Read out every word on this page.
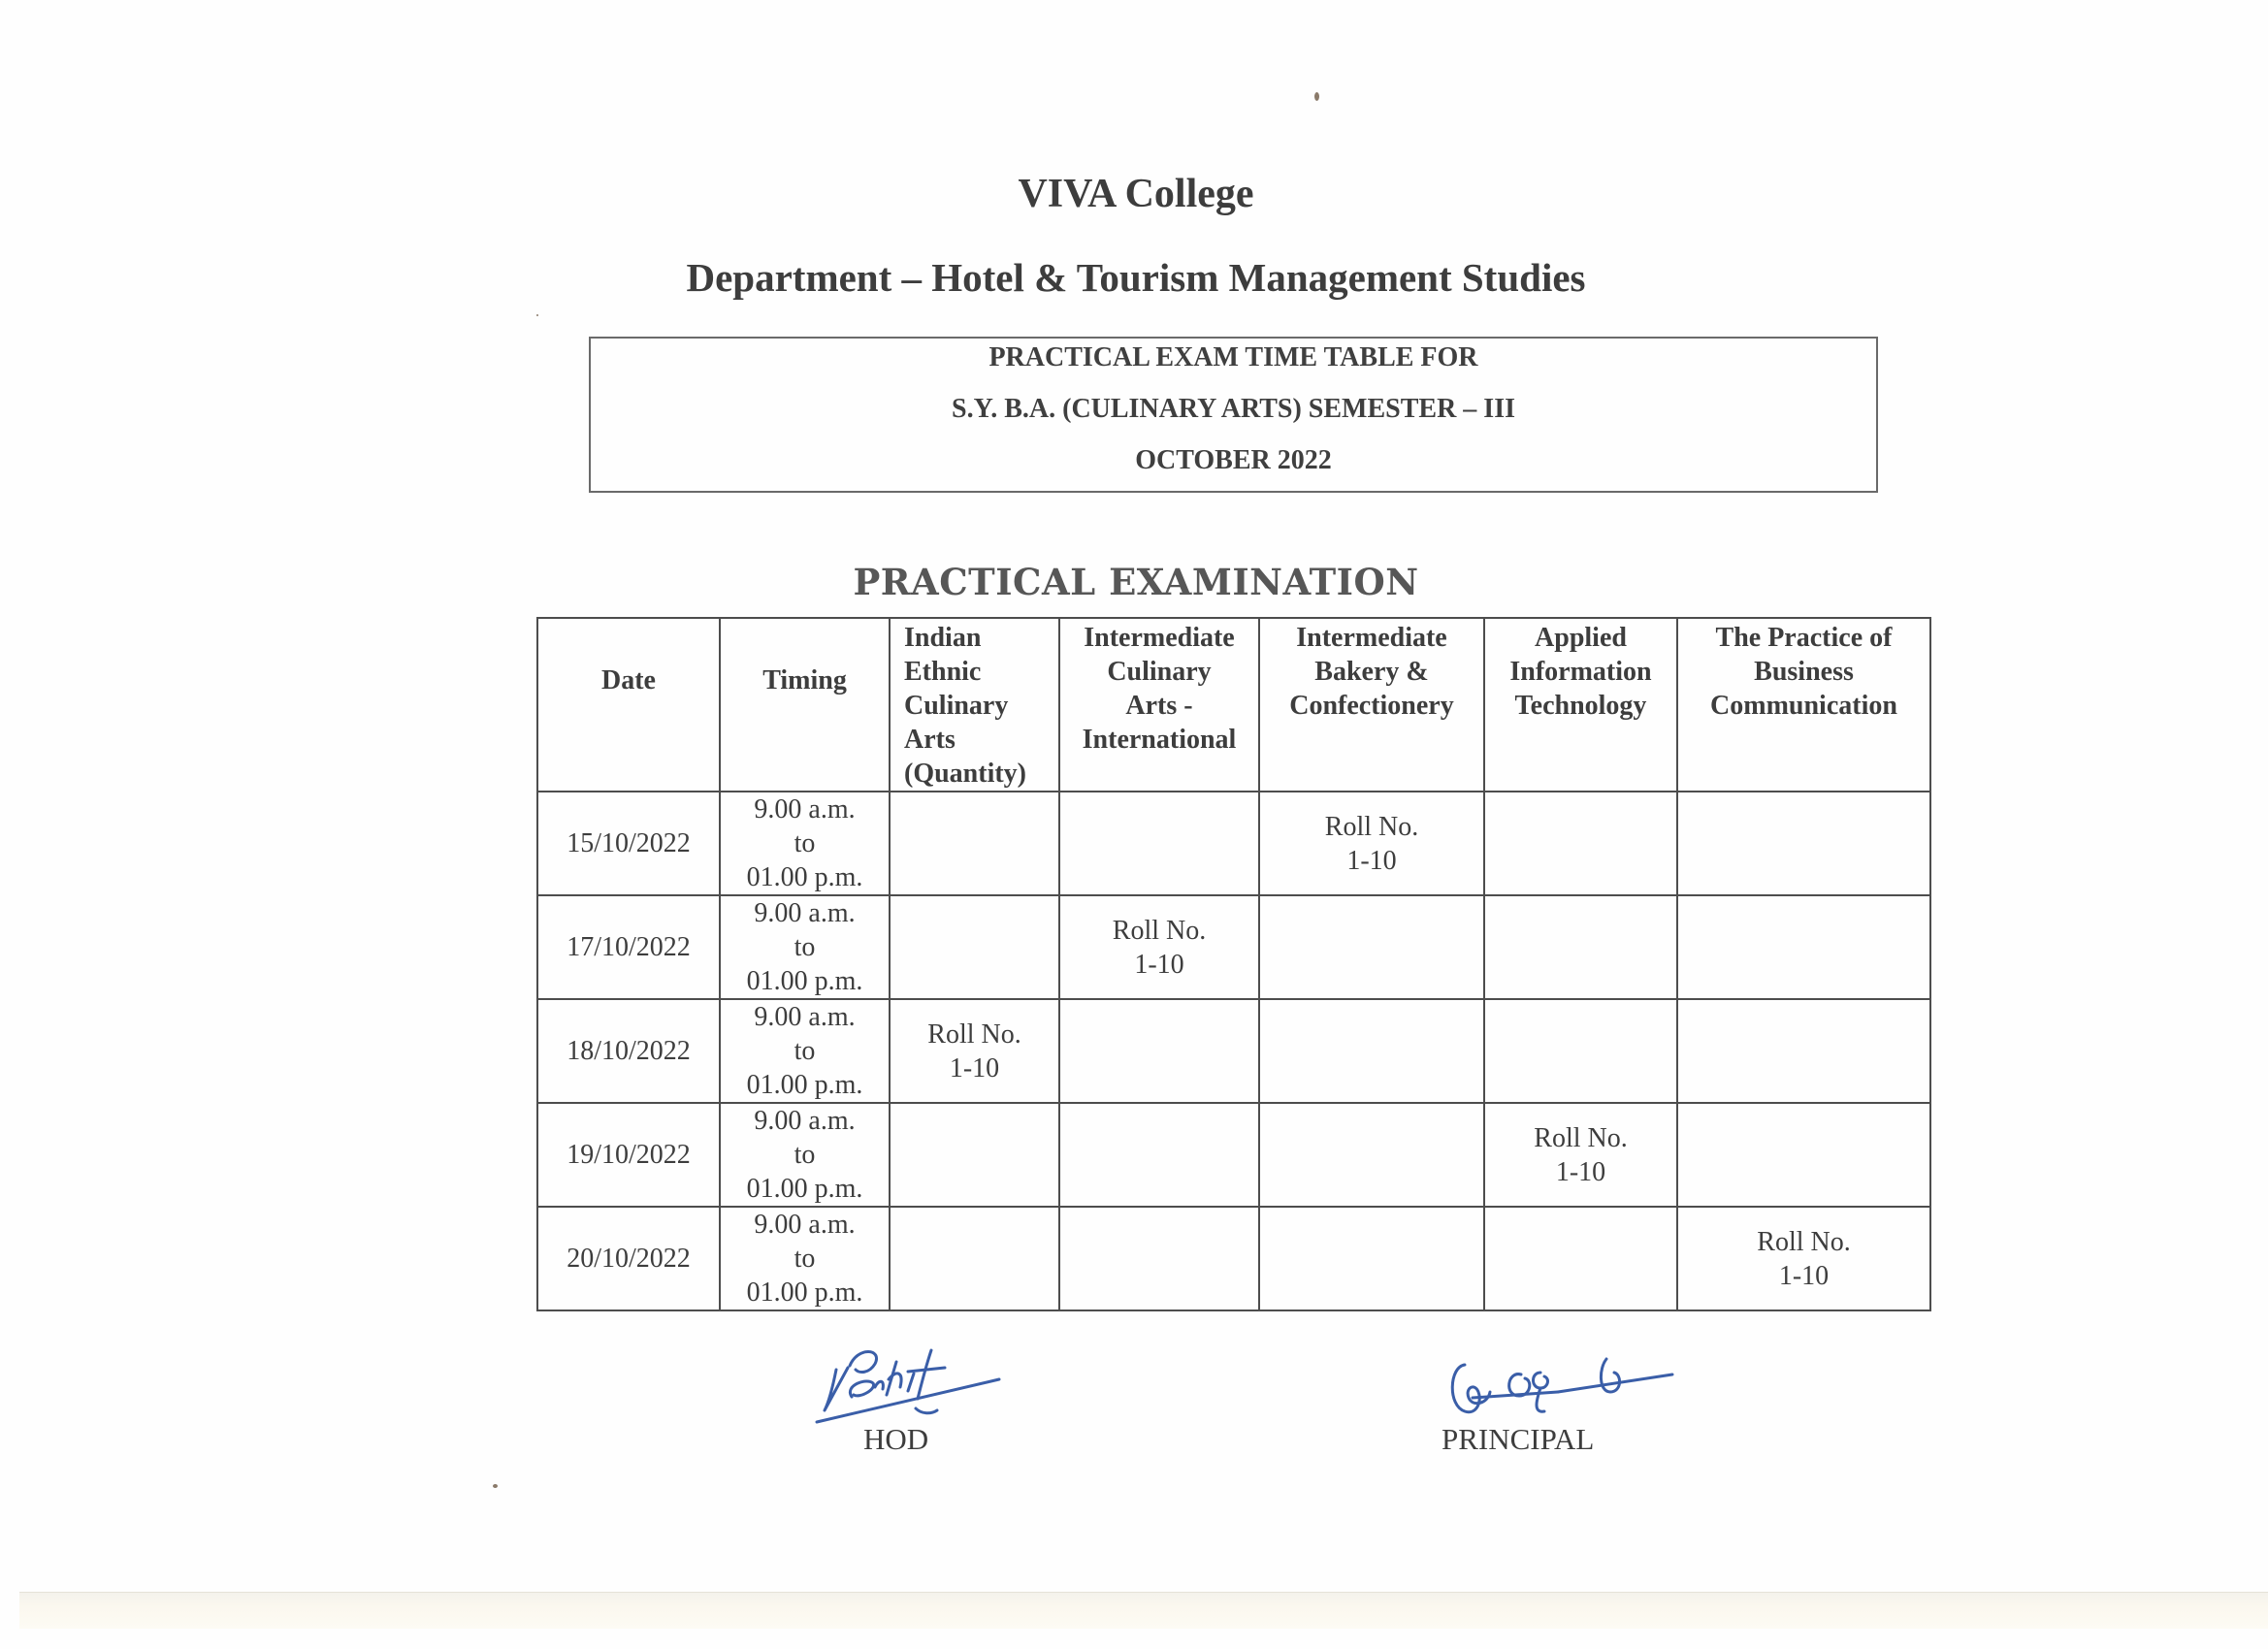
VIVA College
Department – Hotel & Tourism Management Studies
PRACTICAL EXAM TIME TABLE FOR
S.Y. B.A. (CULINARY ARTS) SEMESTER – III
OCTOBER 2022
PRACTICAL EXAMINATION
Date	Timing	Indian
Ethnic
Culinary
Arts
(Quantity)	Intermediate
Culinary
Arts -
International	Intermediate
Bakery &
Confectionery	Applied
Information
Technology	The Practice of
Business
Communication

15/10/2022	9.00 a.m.
to
01.00 p.m.			Roll No.
1-10		

17/10/2022	9.00 a.m.
to
01.00 p.m.		Roll No.
1-10			

18/10/2022	9.00 a.m.
to
01.00 p.m.	Roll No.
1-10				

19/10/2022	9.00 a.m.
to
01.00 p.m.				Roll No.
1-10	

20/10/2022	9.00 a.m.
to
01.00 p.m.					Roll No.
1-10
HOD	PRINCIPAL
